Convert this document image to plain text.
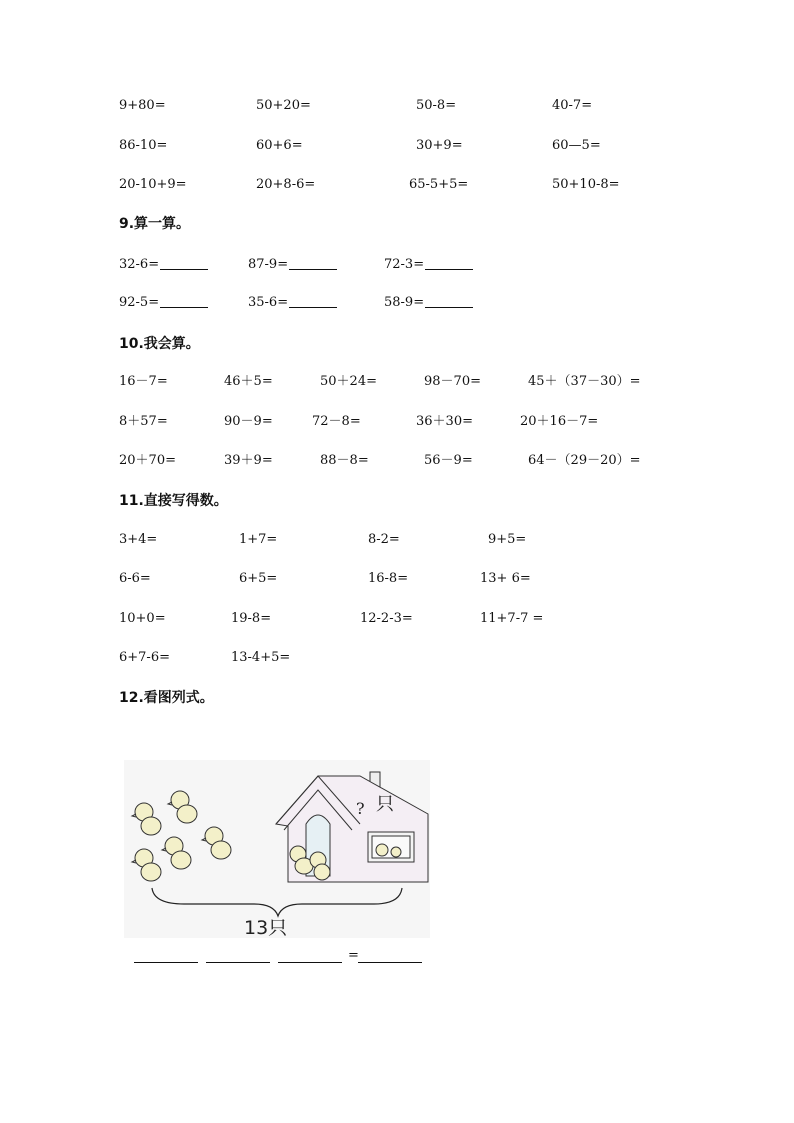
9+80=	50+20=	50-8=	40-7=
86-10=	60+6=	30+9=	60—5=
20-10+9=	20+8-6=	65-5+5=	50+10-8=
9.算一算。
32-6=	87-9=	72-3=
92-5=	35-6=	58-9=
10.我会算。
16－7=	46＋5=	50＋24=	98－70=	45＋（37－30）=
8＋57=	90－9=	72－8=	36＋30=	20＋16－7=
20＋70=	39＋9=	88－8=	56－9=	64－（29－20）=
11.直接写得数。
3+4=	1+7=	8-2=	9+5=
6-6=	6+5=	16-8=	13+ 6=
10+0=	19-8=	12-2-3=	11+7-7 =
6+7-6=	13-4+5=
12.看图列式。
? 只
13只
=
